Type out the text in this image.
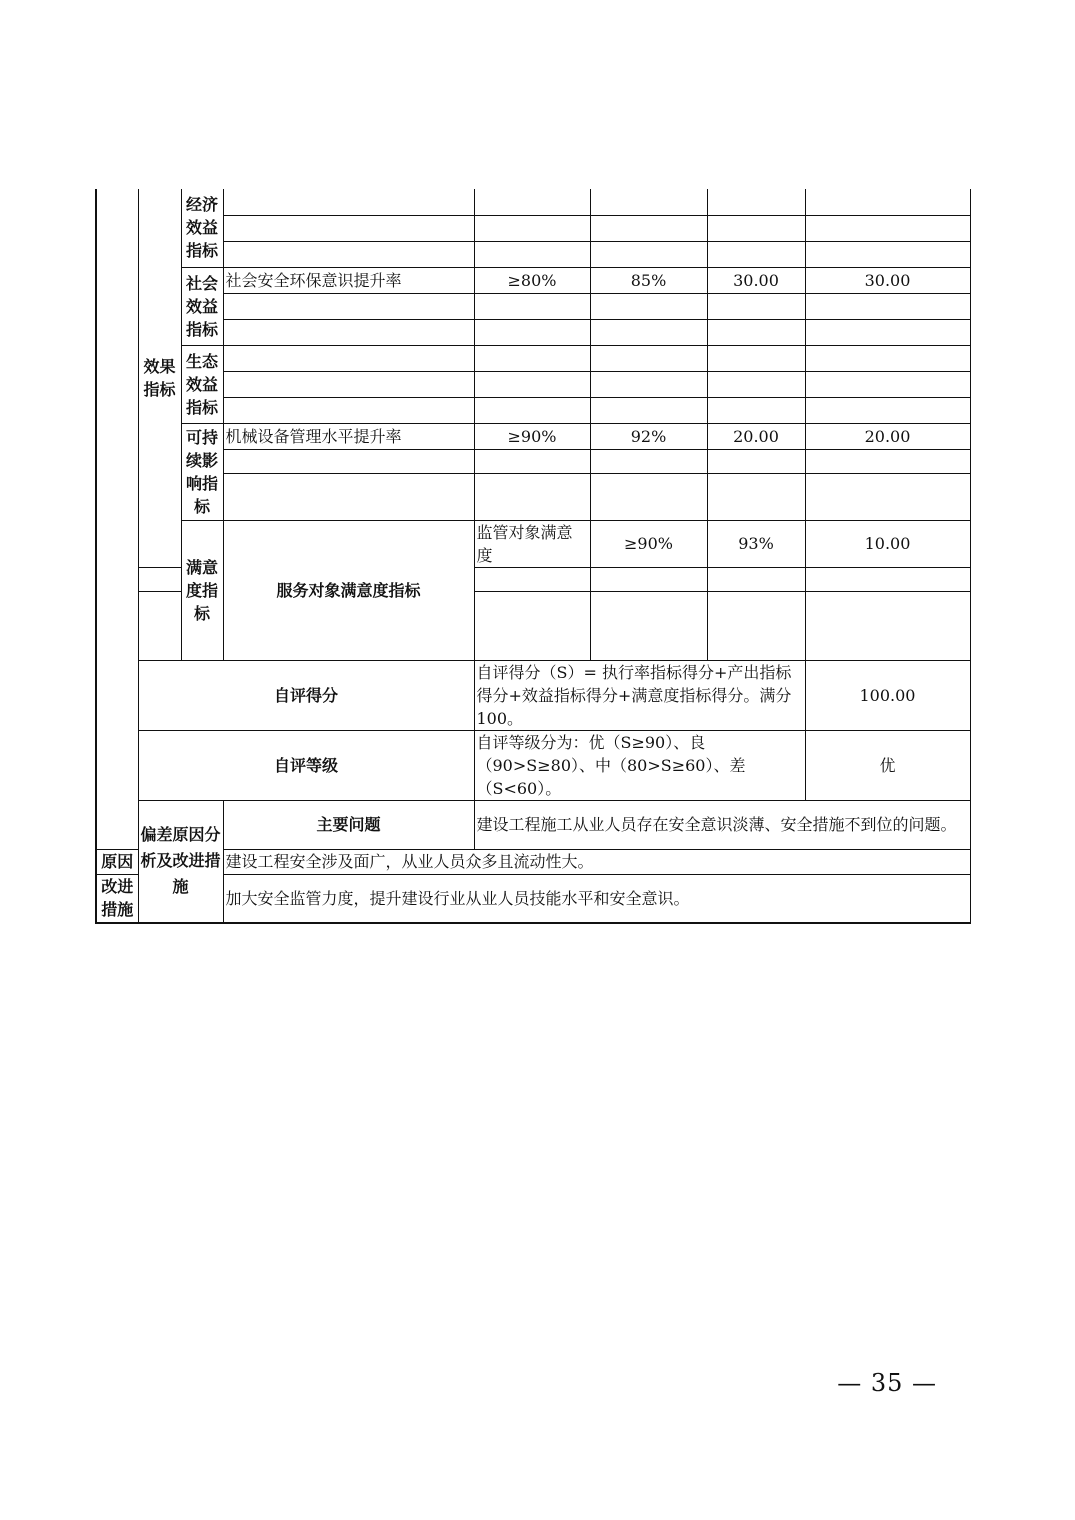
	效果指标	经济效益指标						

		社会效益指标	社会安全环保意识提升率	≥80%	85%	30.00	30.00	

		生态效益指标						

		可持续影响指标	机械设备管理水平提升率	≥90%	92%	20.00	20.00	

		满意度指标	服务对象满意度指标	监管对象满意度	≥90%	93%	10.00	

	自评得分			自评得分（S）= 执行率指标得分+产出指标得分+效益指标得分+满意度指标得分。满分 100。			100.00	
	自评等级			自评等级分为：优（S≥90）、良（90>S≥80）、中（80>S≥60）、差（S<60）。			优	
	偏差原因分析及改进措施		主要问题	建设工程施工从业人员存在安全意识淡薄、安全措施不到位的问题。				
原因			建设工程安全涉及面广，从业人员众多且流动性大。					
改进措施			加大安全监管力度，提升建设行业从业人员技能水平和安全意识。					
— 35 —
